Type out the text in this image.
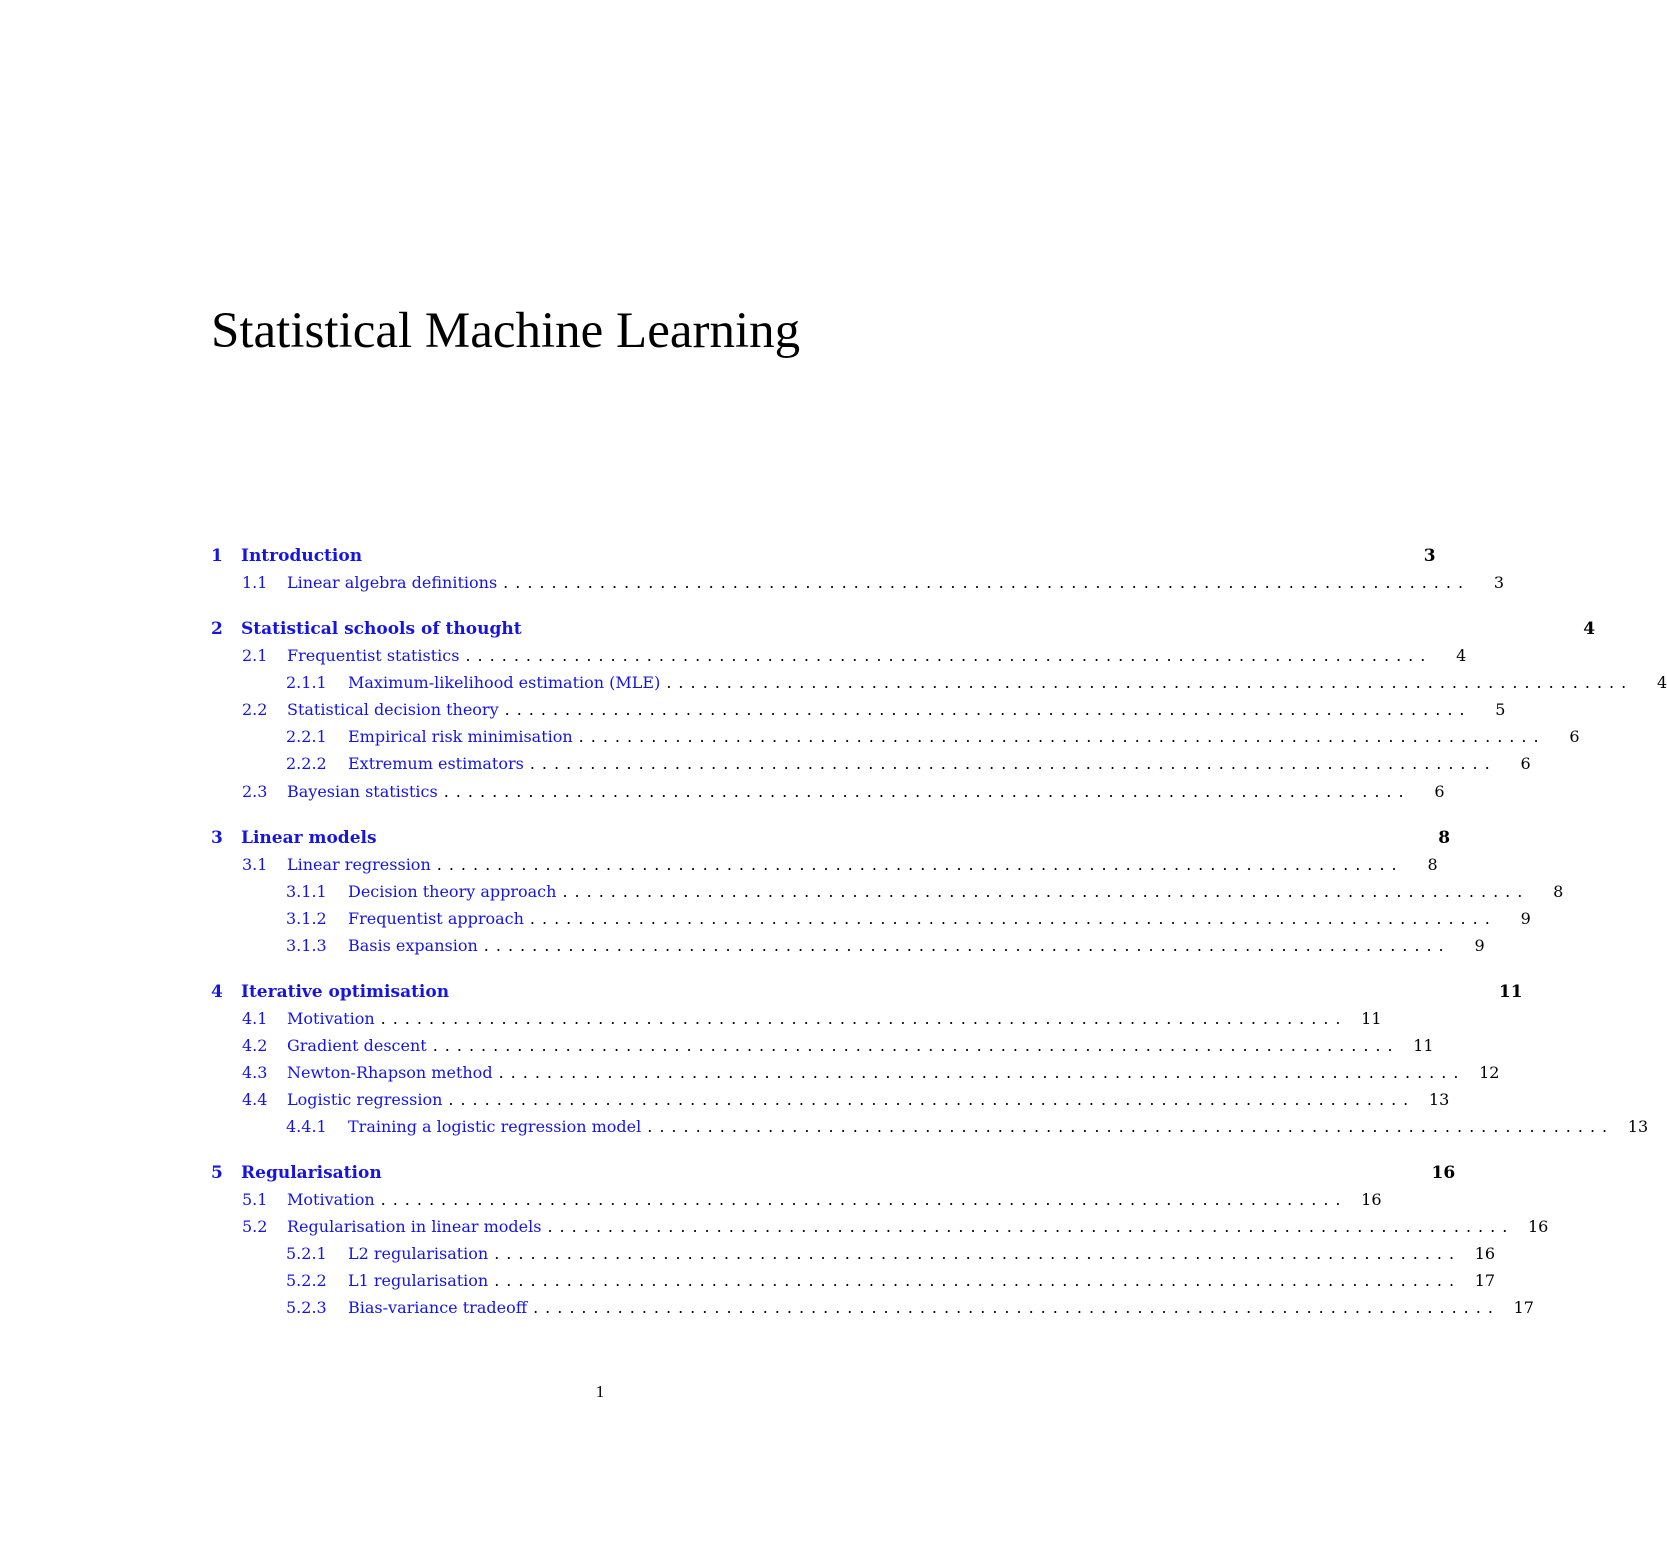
Statistical Machine Learning
1	Introduction	3
1.1	Linear algebra definitions ................................................................................	3
2	Statistical schools of thought	4
2.1	Frequentist statistics ................................................................................	4
2.1.1	Maximum-likelihood estimation (MLE) ................................................................................	4
2.2	Statistical decision theory ................................................................................	5
2.2.1	Empirical risk minimisation ................................................................................	6
2.2.2	Extremum estimators ................................................................................	6
2.3	Bayesian statistics ................................................................................	6
3	Linear models	8
3.1	Linear regression ................................................................................	8
3.1.1	Decision theory approach ................................................................................	8
3.1.2	Frequentist approach ................................................................................	9
3.1.3	Basis expansion ................................................................................	9
4	Iterative optimisation	11
4.1	Motivation ................................................................................ 11
4.2	Gradient descent ................................................................................ 11
4.3	Newton-Rhapson method ................................................................................ 12
4.4	Logistic regression ................................................................................ 13
4.4.1	Training a logistic regression model ................................................................................ 13
5	Regularisation	16
5.1	Motivation ................................................................................ 16
5.2	Regularisation in linear models ................................................................................ 16
5.2.1	L2 regularisation ................................................................................ 16
5.2.2	L1 regularisation ................................................................................ 17
5.2.3	Bias-variance tradeoff ................................................................................ 17
1
